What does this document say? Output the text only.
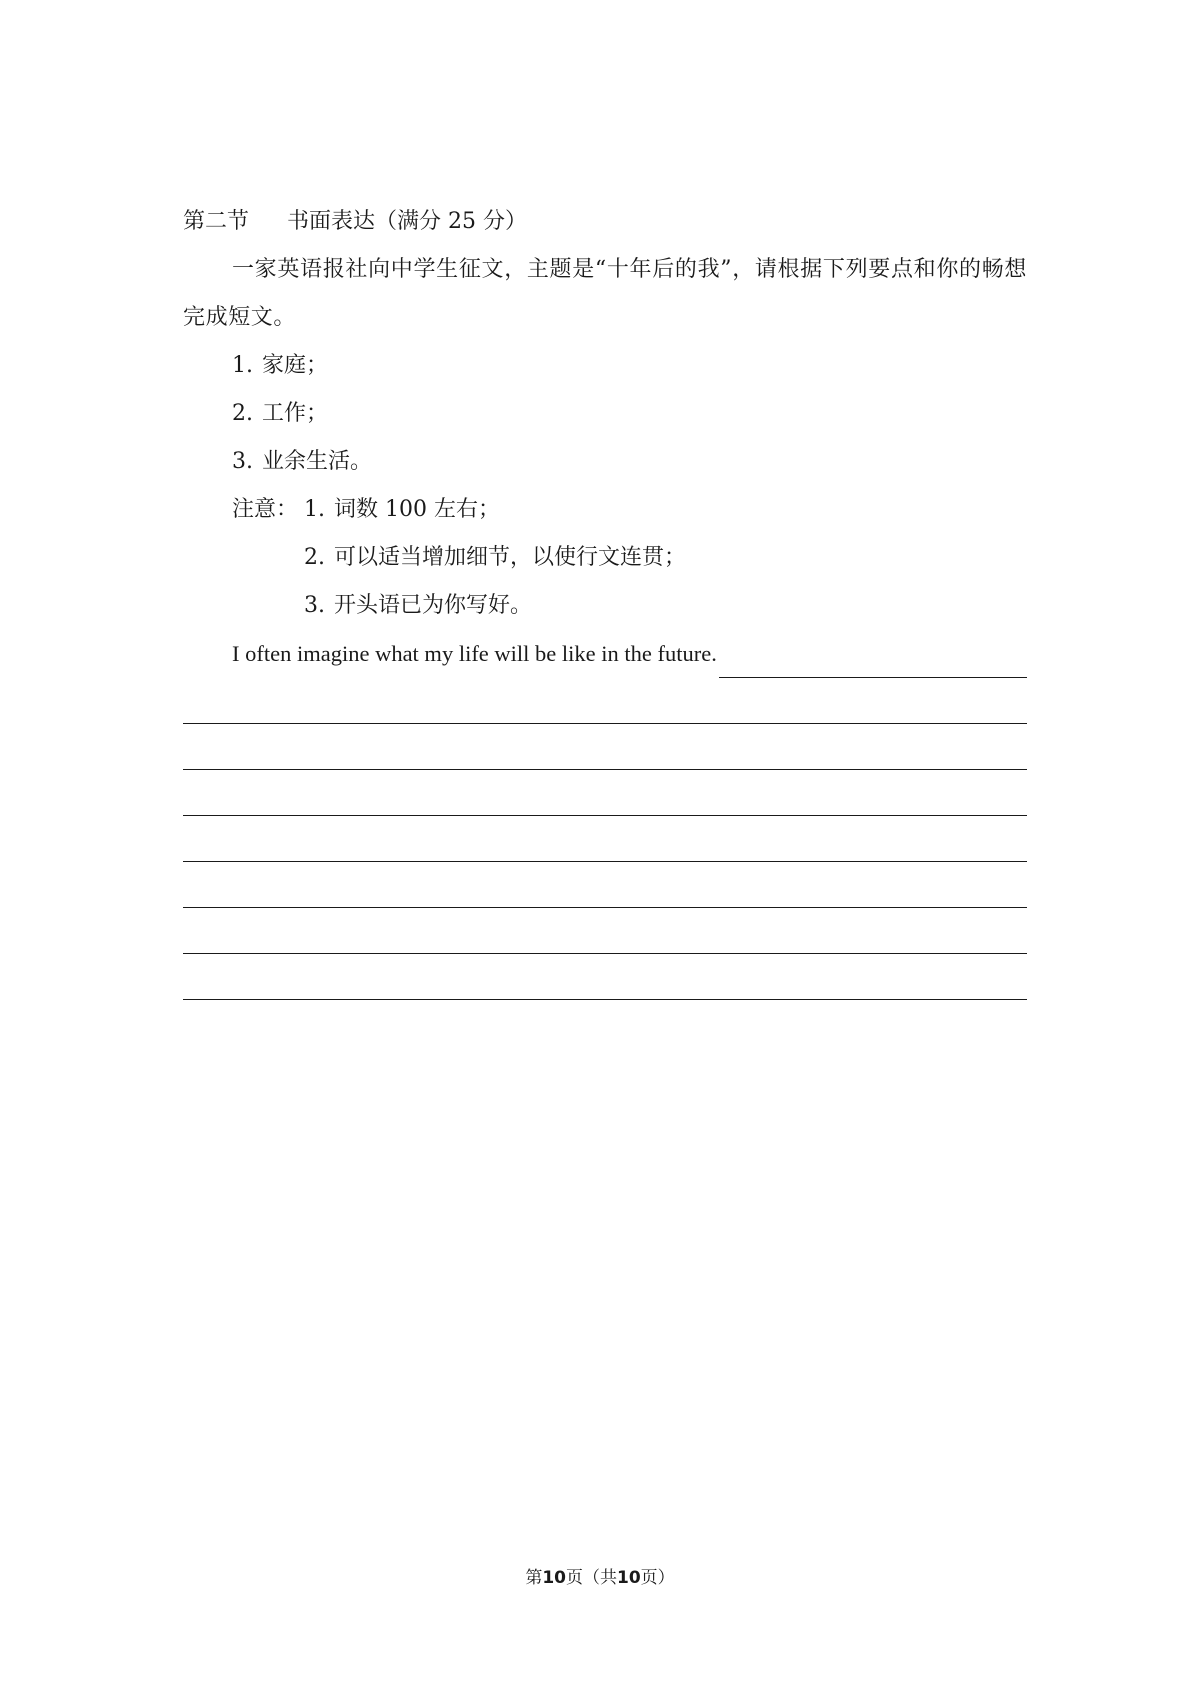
第二节 书面表达（满分 25 分）
一家英语报社向中学生征文，主题是“十年后的我”，请根据下列要点和你的畅想完成短文。
1. 家庭；
2. 工作；
3. 业余生活。
注意： 1. 词数 100 左右；
2. 可以适当增加细节，以使行文连贯；
3. 开头语已为你写好。
I often imagine what my life will be like in the future.
第10页（共10页）
